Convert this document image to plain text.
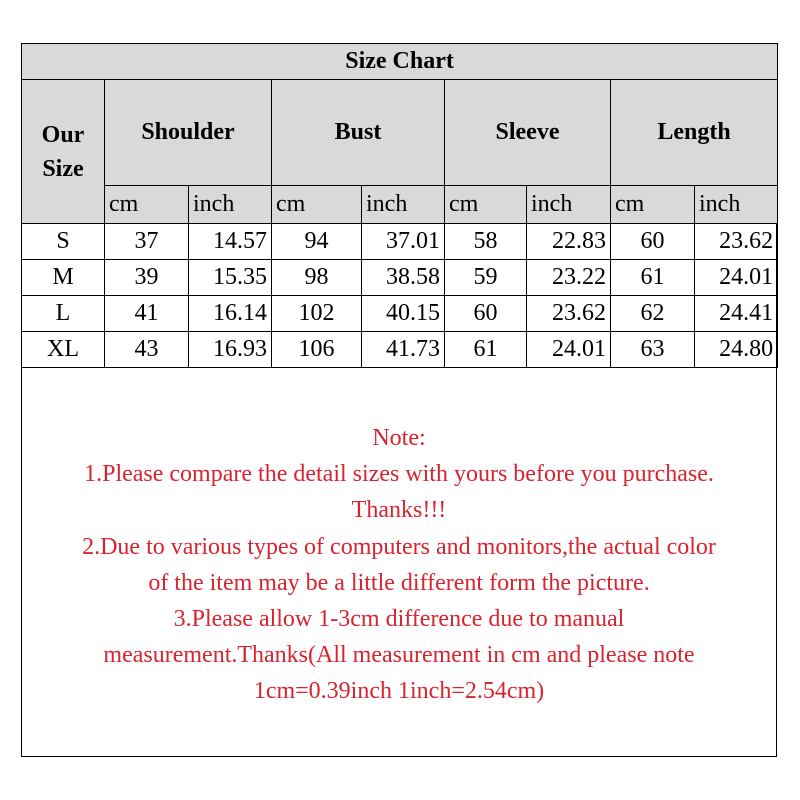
Size Chart								
Our
Size	Shoulder		Bust		Sleeve		Length	
	cm	inch	cm	inch	cm	inch	cm	inch
S	37	14.57	94	37.01	58	22.83	60	23.62
M	39	15.35	98	38.58	59	23.22	61	24.01
L	41	16.14	102	40.15	60	23.62	62	24.41
XL	43	16.93	106	41.73	61	24.01	63	24.80
Note:
1.Please compare the detail sizes with yours before you purchase.
Thanks!!!
2.Due to various types of computers and monitors,the actual color
of the item may be a little different form the picture.
3.Please allow 1-3cm difference due to manual
measurement.Thanks(All measurement in cm and please note
1cm=0.39inch 1inch=2.54cm)
